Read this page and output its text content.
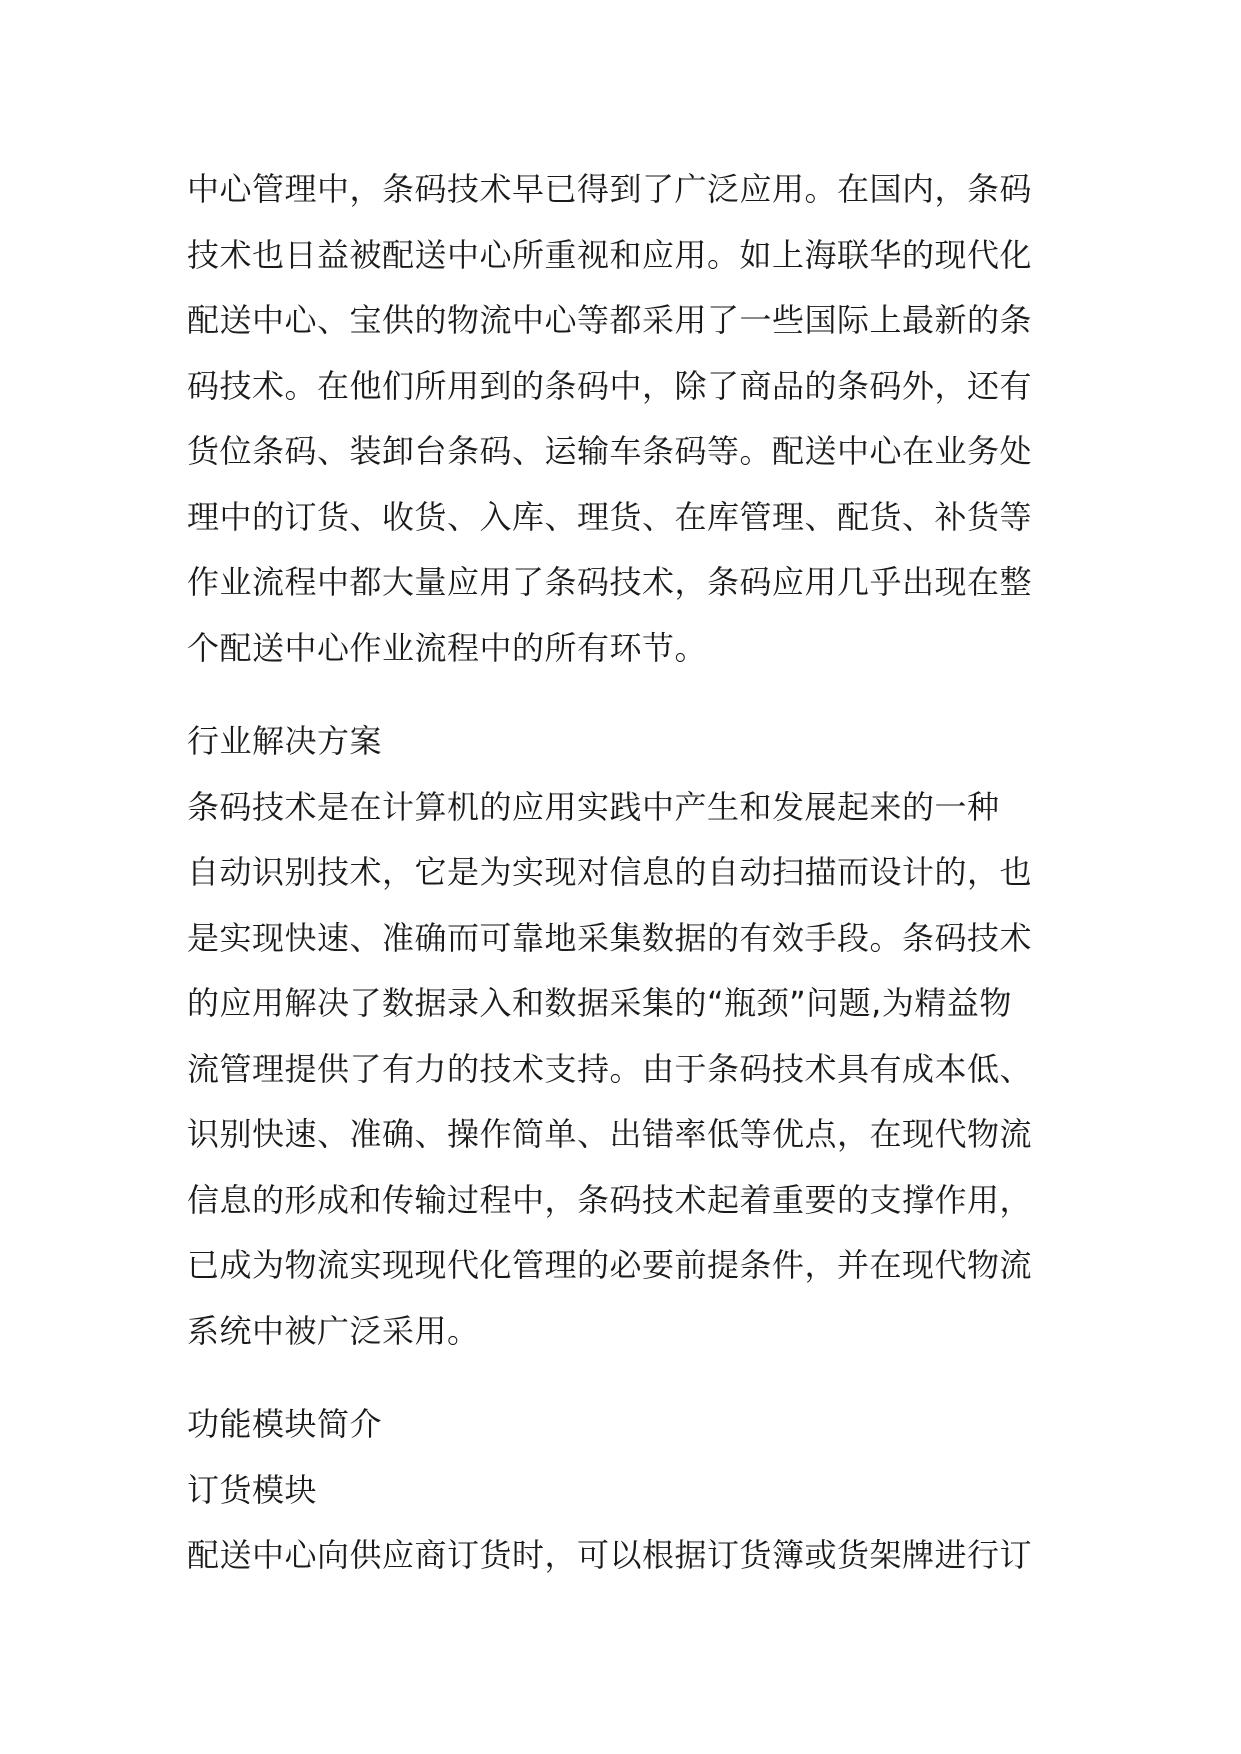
中心管理中，条码技术早已得到了广泛应用。在国内，条码
技术也日益被配送中心所重视和应用。如上海联华的现代化
配送中心、宝供的物流中心等都采用了一些国际上最新的条
码技术。在他们所用到的条码中，除了商品的条码外，还有
货位条码、装卸台条码、运输车条码等。配送中心在业务处
理中的订货、收货、入库、理货、在库管理、配货、补货等
作业流程中都大量应用了条码技术，条码应用几乎出现在整
个配送中心作业流程中的所有环节。
行业解决方案
条码技术是在计算机的应用实践中产生和发展起来的一种
自动识别技术，它是为实现对信息的自动扫描而设计的，也
是实现快速、准确而可靠地采集数据的有效手段。条码技术
的应用解决了数据录入和数据采集的“瓶颈”问题,为精益物
流管理提供了有力的技术支持。由于条码技术具有成本低、
识别快速、准确、操作简单、出错率低等优点，在现代物流
信息的形成和传输过程中，条码技术起着重要的支撑作用，
已成为物流实现现代化管理的必要前提条件，并在现代物流
系统中被广泛采用。
功能模块简介
订货模块
配送中心向供应商订货时，可以根据订货簿或货架牌进行订
